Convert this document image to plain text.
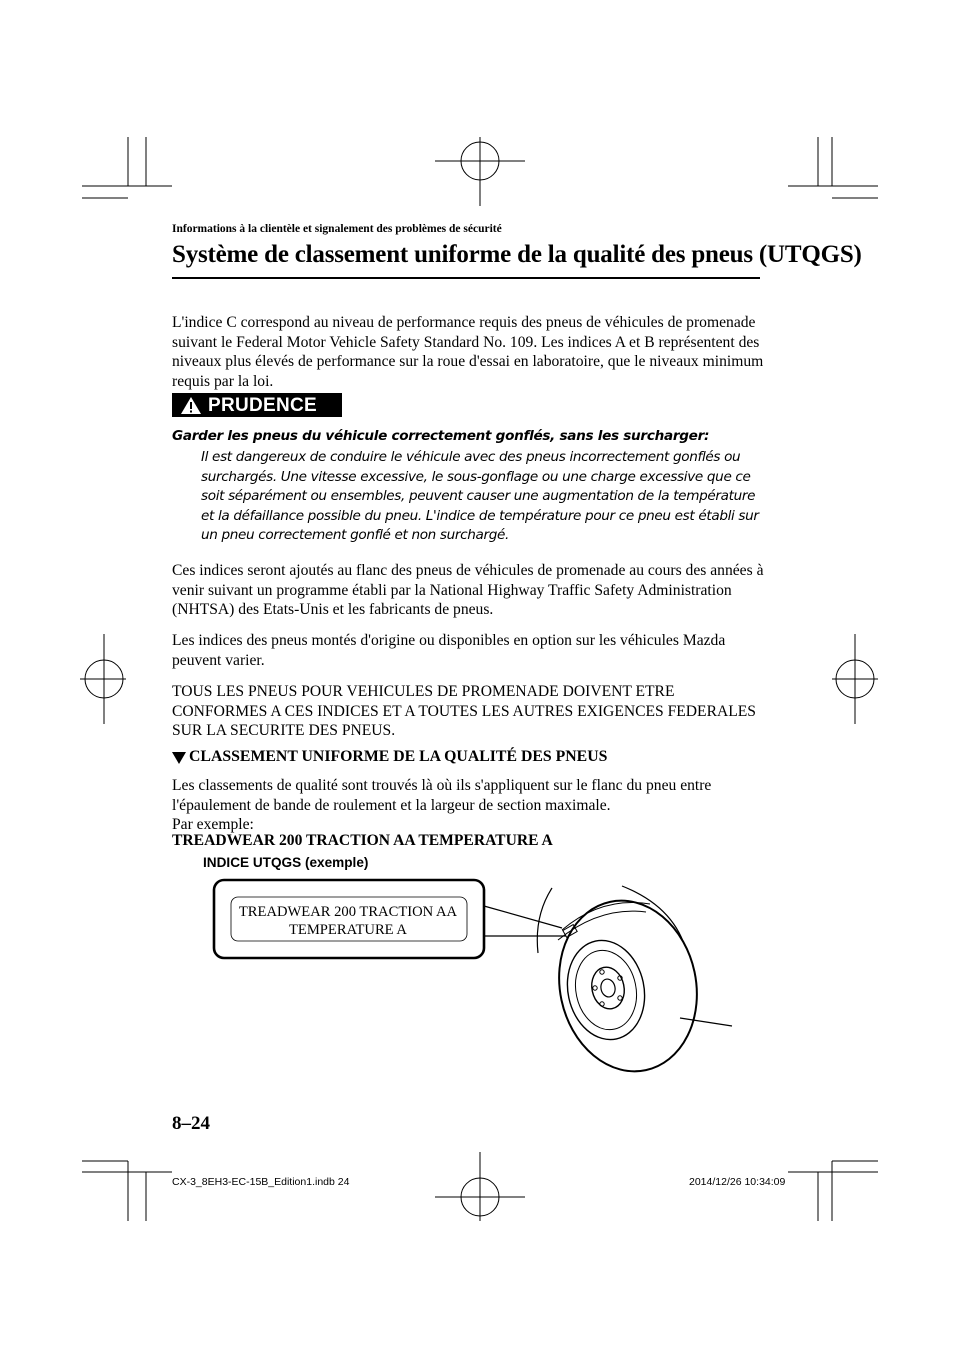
Informations à la clientèle et signalement des problèmes de sécurité
Système de classement uniforme de la qualité des pneus (UTQGS)
L'indice C correspond au niveau de performance requis des pneus de véhicules de promenade suivant le Federal Motor Vehicle Safety Standard No. 109. Les indices A et B représentent des niveaux plus élevés de performance sur la roue d'essai en laboratoire, que le niveaux minimum requis par la loi.
PRUDENCE
Garder les pneus du véhicule correctement gonflés, sans les surcharger:
Il est dangereux de conduire le véhicule avec des pneus incorrectement gonflés ou surchargés. Une vitesse excessive, le sous-gonflage ou une charge excessive que ce soit séparément ou ensembles, peuvent causer une augmentation de la température et la défaillance possible du pneu. L'indice de température pour ce pneu est établi sur un pneu correctement gonflé et non surchargé.
Ces indices seront ajoutés au flanc des pneus de véhicules de promenade au cours des années à venir suivant un programme établi par la National Highway Traffic Safety Administration (NHTSA) des Etats-Unis et les fabricants de pneus.
Les indices des pneus montés d'origine ou disponibles en option sur les véhicules Mazda peuvent varier.
TOUS LES PNEUS POUR VEHICULES DE PROMENADE DOIVENT ETRE CONFORMES A CES INDICES ET A TOUTES LES AUTRES EXIGENCES FEDERALES SUR LA SECURITE DES PNEUS.
CLASSEMENT UNIFORME DE LA QUALITÉ DES PNEUS
Les classements de qualité sont trouvés là où ils s'appliquent sur le flanc du pneu entre l'épaulement de bande de roulement et la largeur de section maximale.
Par exemple:
TREADWEAR 200 TRACTION AA TEMPERATURE A
INDICE UTQGS (exemple)
TREADWEAR 200 TRACTION AA
TEMPERATURE A
8–24
CX-3_8EH3-EC-15B_Edition1.indb 24	2014/12/26 10:34:09
